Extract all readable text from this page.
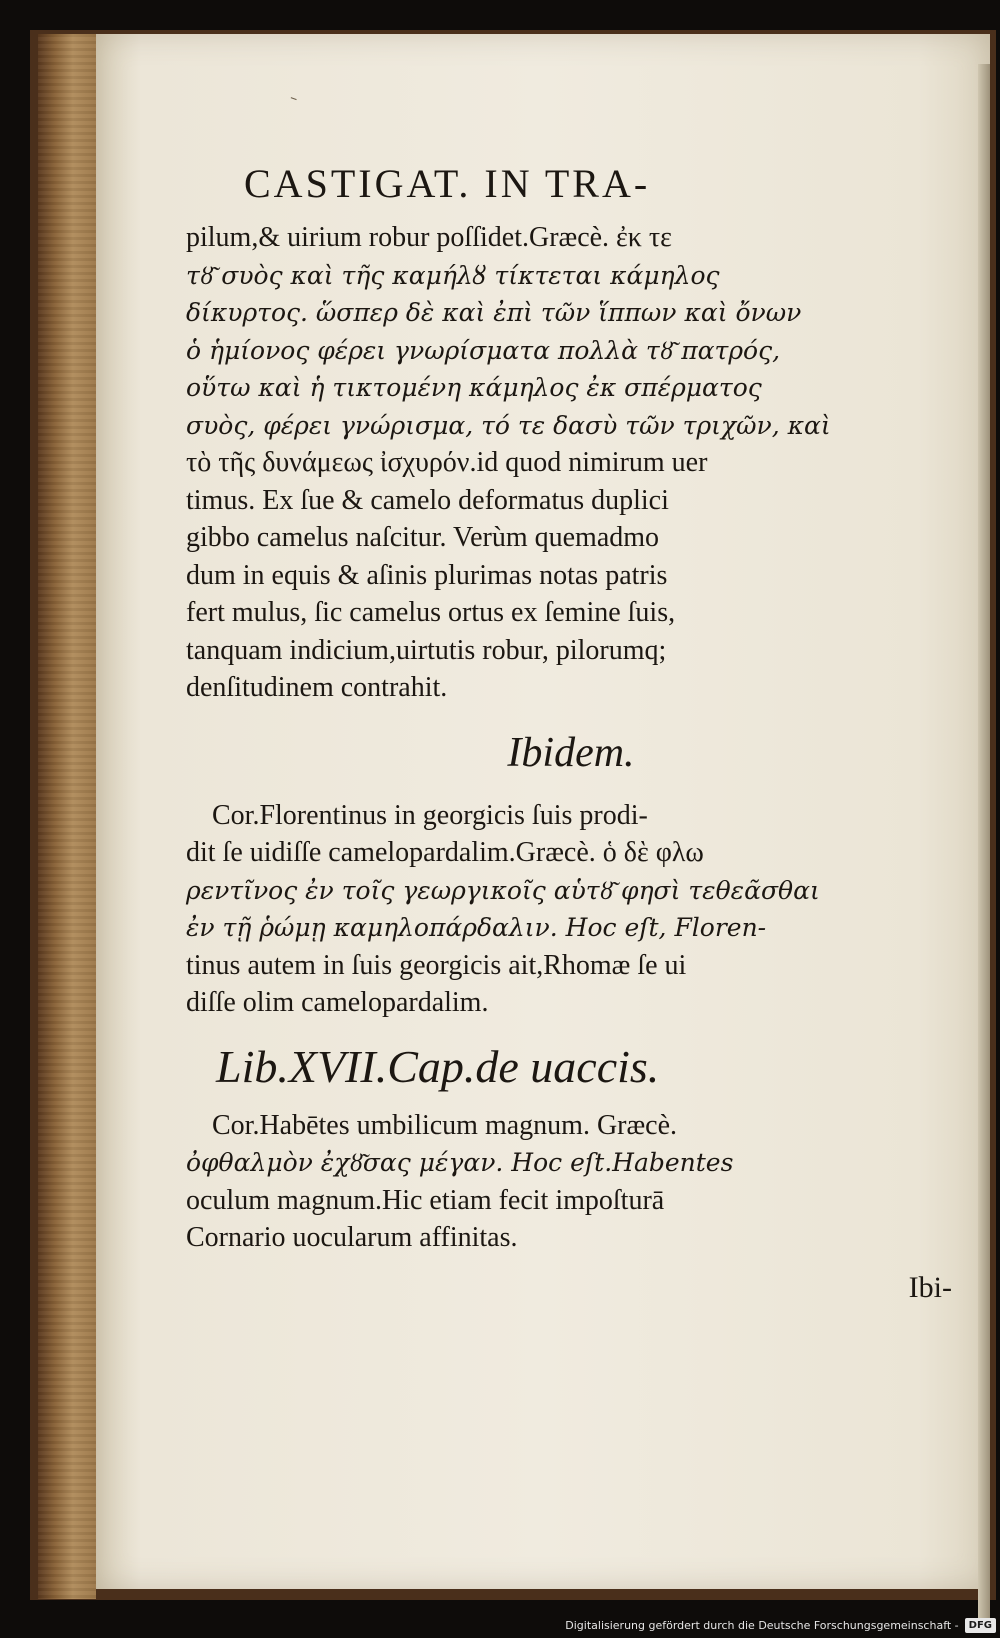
CASTIGAT. IN TRA-
pilum,& uirium robur poſſidet.Græcè. ἐκ τε
τȣ͂ συὸς καὶ τῆς καμήλȣ τίκτεται κάμηλος
δίκυρτος. ὥσπερ δὲ καὶ ἐπὶ τῶν ἵππων καὶ ὄνων
ὁ ἡμίονος φέρει γνωρίσματα πολλὰ τȣ͂ πατρός,
οὕτω καὶ ἡ τικτομένη κάμηλος ἐκ σπέρματος
συὸς, φέρει γνώρισμα, τό τε δασὺ τῶν τριχῶν, καὶ
τὸ τῆς δυνάμεως ἰσχυρόν.id quod nimirum uer
timus. Ex ſue & camelo deformatus duplici
gibbo camelus naſcitur. Verùm quemadmo
dum in equis & aſinis plurimas notas patris
fert mulus, ſic camelus ortus ex ſemine ſuis,
tanquam indicium,uirtutis robur, pilorumq;
denſitudinem contrahit.
Ibidem.
Cor.Florentinus in georgicis ſuis prodi-
dit ſe uidiſſe camelopardalim.Græcè. ὁ δὲ φλω
ρεντῖνος ἐν τοῖς γεωργικοῖς αὑτȣ͂ φησὶ τεθεᾶσθαι
ἐν τῇ ῥώμῃ καμηλοπάρδαλιν. Hoc eſt, Floren-
tinus autem in ſuis georgicis ait,Rhomæ ſe ui
diſſe olim camelopardalim.
Lib.XVII.Cap.de uaccis.
Cor.Habētes umbilicum magnum. Græcè.
ὀφθαλμὸν ἐχȣ͂σας μέγαν. Hoc eſt.Habentes
oculum magnum.Hic etiam fecit impoſturā
Cornario uocularum affinitas.
Ibi-
Digitalisierung gefördert durch die Deutsche Forschungsgemeinschaft -	DFG
